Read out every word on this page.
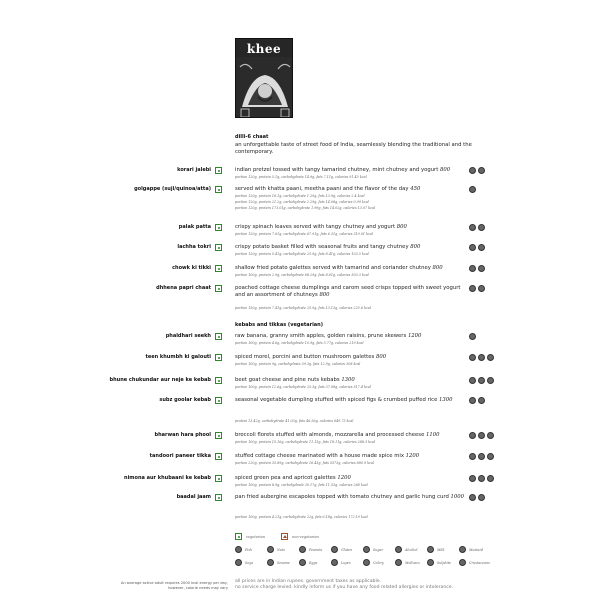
khee
dilli-6 chaat
an unforgettable taste of street food of India, seamlessly blending the traditional and the contemporary.
korari jalebi	indian pretzel tossed with tangy tamarind chutney, mint chutney and yogurt 800
portion 120g, protein 5.1g, carbohydrate 14.9g, fats 7.11g, calories 91.45 kcal
golgappe (suji/quinoa/atta)	served with khatta paani, meetha paani and the flavor of the day 450
portion 120g, protein 16.1g, carbohydrate 1.29g, fats 13.9g, calories 2.4 kcal
portion 120g, protein 21.2g, carbohydrate 2.29g, fats 14.08g, calories 0.99 kcal
portion 120g, protein 173.01g, carbohydrate 1.99g, fats 14.02g, calories 13.07 kcal
palak patta	crispy spinach leaves served with tangy chutney and yogurt 800
portion 120g, protein 7.61g, carbohydrate 67.91g, fats 6.31g, calories 319.01 kcal
lachha tokri	crispy potato basket filled with seasonal fruits and tangy chutney 800
portion 120g, protein 5.41g, carbohydrate 25.9g, fats 8.41g, calories 103.5 kcal
chowk ki tikki	shallow fried potato galettes served with tamarind and coriander chutney 800
portion 100g, protein 2.9g, carbohydrate 68.29g, fats 8.01g, calories 303.3 kcal
dhhena papri chaat	poached cottage cheese dumplings and carom seed crisps topped with sweet yogurt and an assortment of chutneys 800
portion 150g, protein 7.41g, carbohydrate 25.9g, fats 13.13g, calories 225.6 kcal
kebabs and tikkas (vegetarian)
phaldhari seekh	raw banana, granny smith apples, golden raisins, prune skewers 1200
portion 100g, protein 4.6g, carbohydrate 10.9g, fats 5.77g, calories 219 kcal
teen khumbh ki galouti	spiced morel, porcini and button mushroom galettes 800
portion 100g, protein 9g, carbohydrate 39.3g, fats 12.9g, calories 308 kcal
bhune chukundar aur neje ke kebab	beet goat cheese and pine nuts kebabs 1300
portion 100g, protein 12.6g, carbohydrate 25.3g, fats 37.08g, calories 517.4 kcal
subz goolar kebab	seasonal vegetable dumpling stuffed with spiced figs & crumbed puffed rice 1300
protein 13.42g, carbohydrate 41.03g, fats 46.56g, calories 649.73 kcal
bharwan hara phool	broccoli florets stuffed with almonds, mozzarella and processed cheese 1100
portion 100g, protein 15.16g, carbohydrate 11.13g, fats 18.11g, calories 288.3 kcal
tandoori paneer tikka	stuffed cottage cheese marinated with a house made spice mix 1200
portion 220g, protein 35.89g, carbohydrate 16.43g, fats 5573g, calories 680.9 kcal
nimona aur khubaani ke kebab	spiced green pea and apricot galettes 1200
portion 100g, protein 8.9g, carbohydrate 30.17g, fats 11.53g, calories 268 kcal
baadal jaam	pan fried aubergine escapoles topped with tomato chutney and garlic hung curd 1000
portion 100g, protein 4.21g, carbohydrate 22g, fats 6.18g, calories 172.19 kcal
vegetarian	non-vegetarian
Fish	Nuts	Peanuts	Gluten	Sugar	Alcohol	Milk	Mustard
Soya	Sesame	Eggs	Lupin	Celery	Molluscs	Sulphite	Crustaceans
An average active adult requires 2000 kcal energy per day, however, calorie needs may vary
all prices are in Indian rupees. government taxes as applicable.
no service charge levied. kindly inform us if you have any food related allergies or intolerance.
